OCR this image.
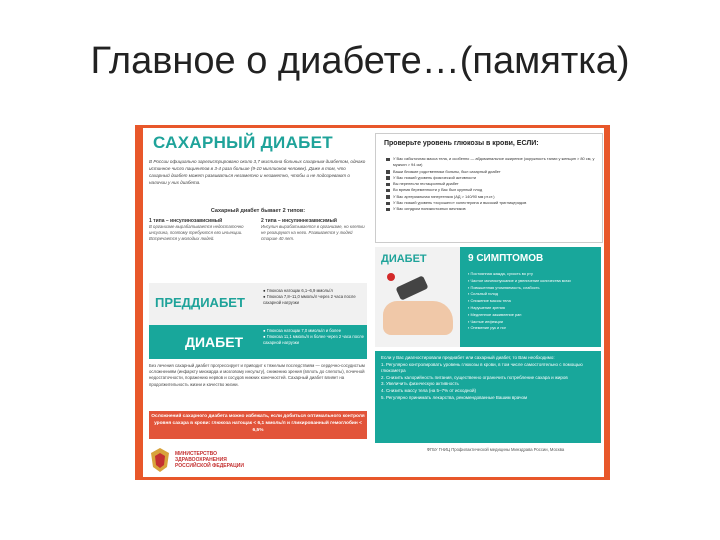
Главное о диабете…(памятка)
САХАРНЫЙ ДИАБЕТ
В России официально зарегистрировано около 3,7 миллиона больных сахарным диабетом, однако истинное число пациентов в 3-4 раза больше (9-10 миллионов человек). Даже в том, что сахарный диабет может развиваться незаметно и незаметно, чтобы и не подозревают о наличии у них диабета.
Сахарный диабет бывает 2 типов:
1 типа – инсулинозависимый
В организме вырабатывается недостаточно инсулина, поэтому требуются его инъекции. Встречается у молодых людей.
2 типа – инсулиннезависимый
Инсулин вырабатывается в организме, но клетки не реагируют на него. Развивается у людей старше 40 лет.
ПРЕДДИАБЕТ
● Глюкоза натощак 6,1–6,9 ммоль/л
● Глюкоза 7,8–11,0 ммоль/л через 2 часа после сахарной нагрузки
ДИАБЕТ
● Глюкоза натощак 7,0 ммоль/л и более
● Глюкоза 11,1 ммоль/л и более через 2 часа после сахарной нагрузки
Без лечения сахарный диабет прогрессирует и приводит к тяжелым последствиям — сердечно-сосудистым осложнениям (инфаркту миокарда и мозговому инсульту), снижению зрения (вплоть до слепоты), почечной недостаточности, поражению нервов и сосудов нижних конечностей. Сахарный диабет влияет на продолжительность жизни и качество жизни.
Осложнений сахарного диабета можно избежать, если добиться оптимального контроля уровня сахара в крови: глюкоза натощак < 6,1 ммоль/л и гликированный гемоглобин < 6,5%
МИНИСТЕРСТВО
ЗДРАВООХРАНЕНИЯ
РОССИЙСКОЙ ФЕДЕРАЦИИ
ФГБУ ГНИЦ Профилактической медицины Минздрава России, Москва
Проверьте уровень глюкозы в крови, ЕСЛИ:
У Вас избыточная масса тела, и особенно — абдоминальное ожирение (окружность талии у женщин > 80 см, у мужчин > 94 см)
Ваши близкие родственники больны, был сахарный диабет
У Вас низкий уровень физической активности
Вы перенесли гестационный диабет
Во время беременности у Вас был крупный плод
У Вас артериальная гипертензия (АД > 140/90 мм рт.ст.)
У Вас низкий уровень «хорошего» холестерина и высокий триглицеридов
У Вас синдром поликистозных яичников
ДИАБЕТ	9 СИМПТОМОВ
▪ Постоянная жажда, сухость во рту
▪ Частое мочеиспускание и увеличение количества мочи
▪ Повышенная утомляемость, слабость
▪ Сильный голод
▪ Снижение массы тела
▪ Нарушение зрения
▪ Медленное заживление ран
▪ Частые инфекции
▪ Онемение рук и ног
Если у Вас диагностировали предиабет или сахарный диабет, то Вам необходимо:
1. Регулярно контролировать уровень глюкозы в крови, в том числе самостоятельно с помощью глюкометра
2. Снизить калорийность питания, существенно ограничить потребление сахара и жиров
3. Увеличить физическую активность
4. Снизить массу тела (на 5–7% от исходной)
5. Регулярно принимать лекарства, рекомендованные Вашим врачом
